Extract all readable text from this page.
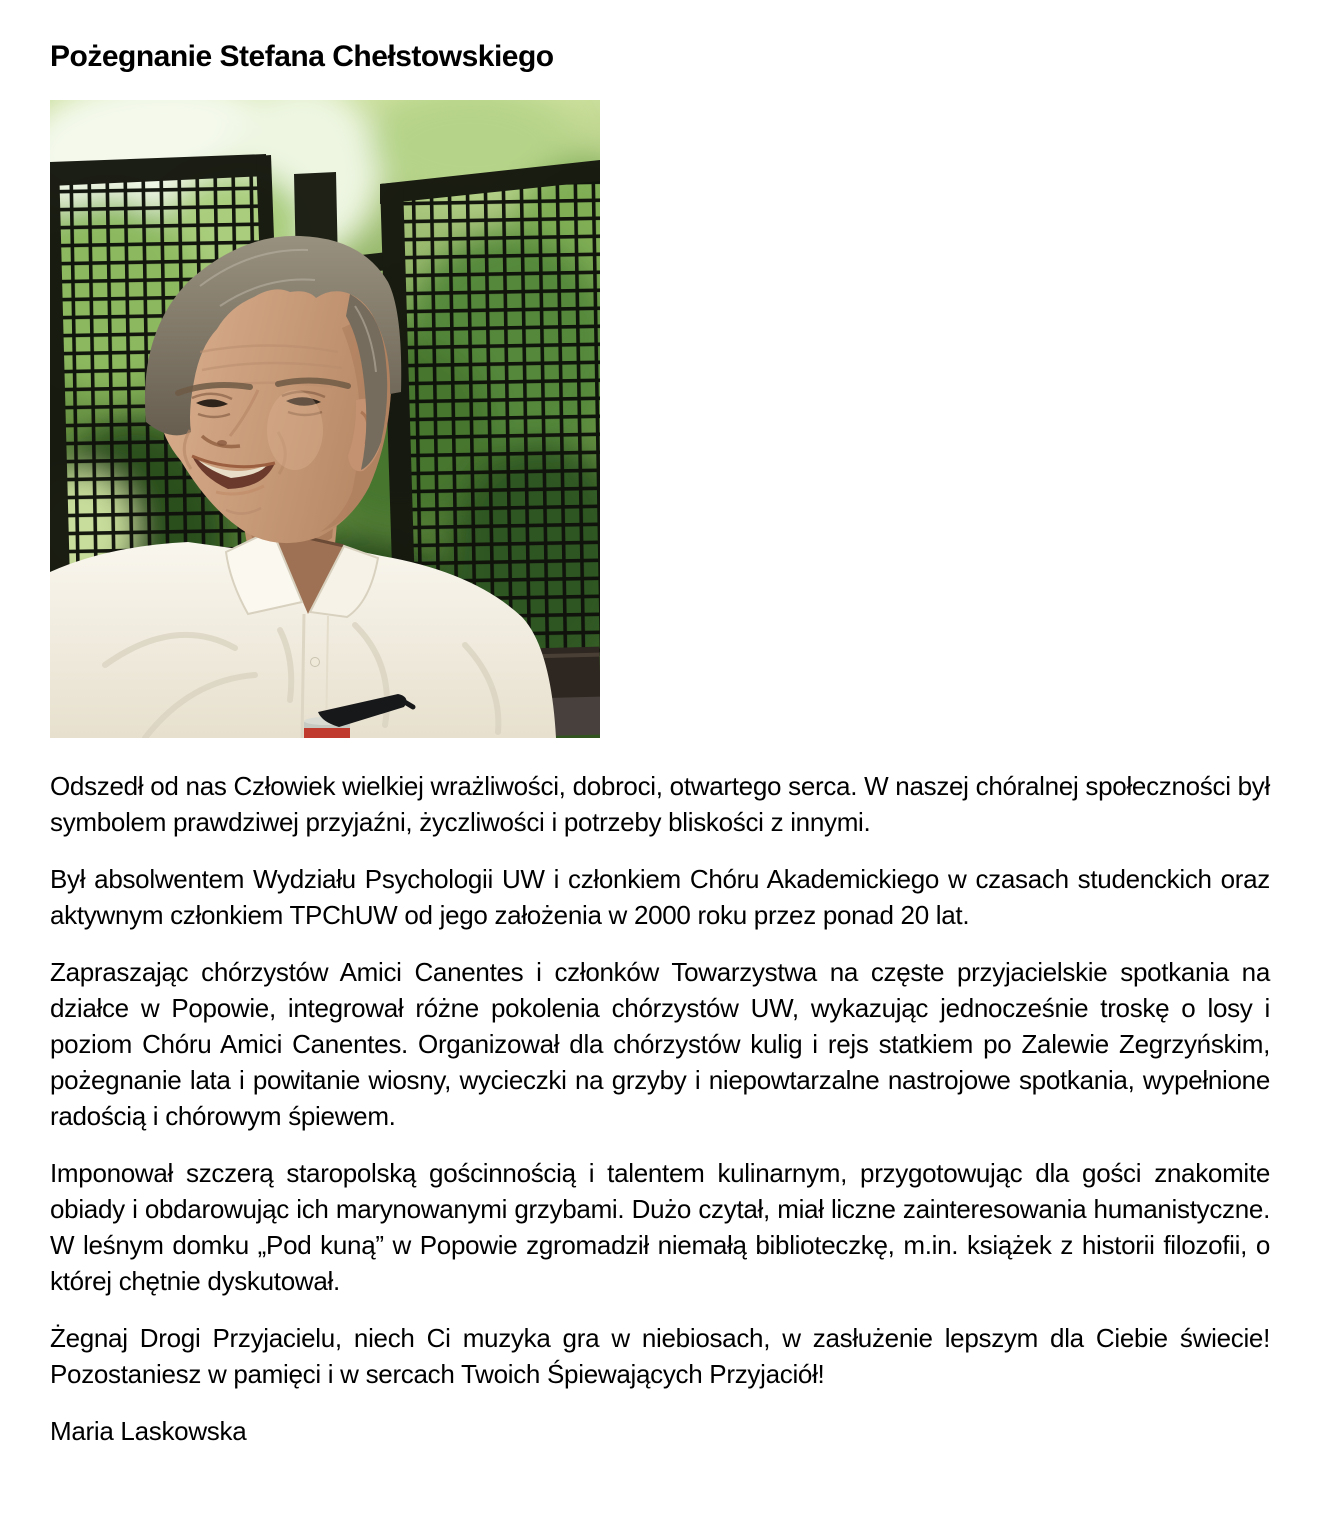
Pożegnanie Stefana Chełstowskiego

Odszedł od nas Człowiek wielkiej wrażliwości, dobroci, otwartego serca. W naszej chóralnej społeczności był symbolem prawdziwej przyjaźni, życzliwości i potrzeby bliskości z innymi.

Był absolwentem Wydziału Psychologii UW i członkiem Chóru Akademickiego w czasach studenckich oraz aktywnym członkiem TPChUW od jego założenia w 2000 roku przez ponad 20 lat.

Zapraszając chórzystów Amici Canentes i członków Towarzystwa na częste przyjacielskie spotkania na działce w Popowie, integrował różne pokolenia chórzystów UW, wykazując jednocześnie troskę o losy i poziom Chóru Amici Canentes. Organizował dla chórzystów kulig i rejs statkiem po Zalewie Zegrzyńskim, pożegnanie lata i powitanie wiosny, wycieczki na grzyby i niepowtarzalne nastrojowe spotkania, wypełnione radością i chórowym śpiewem.

Imponował szczerą staropolską gościnnością i talentem kulinarnym, przygotowując dla gości znakomite obiady i obdarowując ich marynowanymi grzybami. Dużo czytał, miał liczne zainteresowania humanistyczne. W leśnym domku „Pod kuną” w Popowie zgromadził niemałą biblioteczkę, m.in. książek z historii filozofii, o której chętnie dyskutował.

Żegnaj Drogi Przyjacielu, niech Ci muzyka gra w niebiosach, w zasłużenie lepszym dla Ciebie świecie! Pozostaniesz w pamięci i w sercach Twoich Śpiewających Przyjaciół!

Maria Laskowska
